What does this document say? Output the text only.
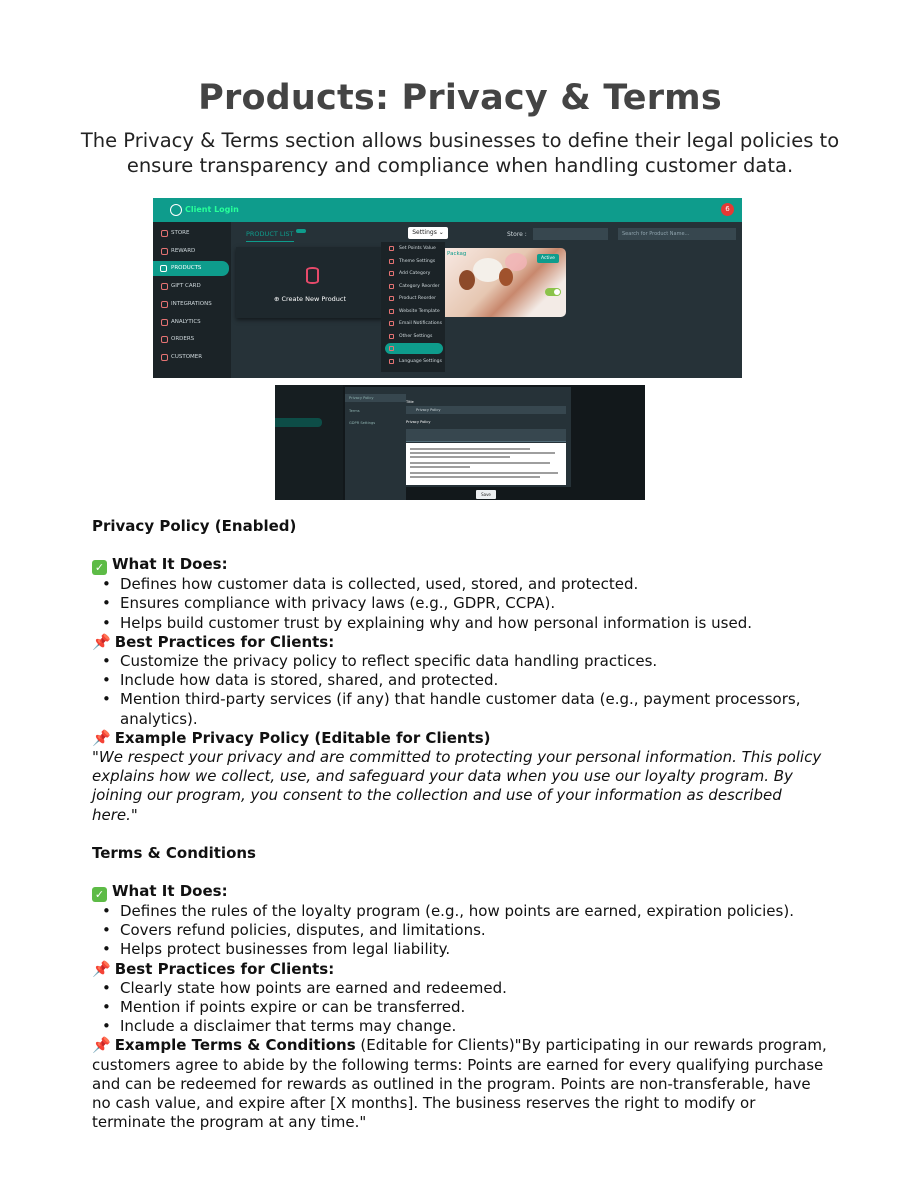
Products: Privacy & Terms
The Privacy & Terms section allows businesses to define their legal policies to ensure transparency and compliance when handling customer data.
Client Login	6
STORE
REWARD
PRODUCTS
GIFT CARD
INTEGRATIONS
ANALYTICS
ORDERS
CUSTOMER
PRODUCT LIST	Settings ⌄	Store :	Search for Product Name...
⊕ Create New Product
Packag
Active
Set Points Value
Theme Settings
Add Category
Category Reorder
Product Reorder
Website Template
Email Notifications
Other Settings
Privacy & Terms
Language Settings
Privacy Policy
Terms
GDPR Settings
Title
Privacy Policy
Privacy Policy
Save
Privacy Policy (Enabled)
✓ What It Does:
• Defines how customer data is collected, used, stored, and protected.
• Ensures compliance with privacy laws (e.g., GDPR, CCPA).
• Helps build customer trust by explaining why and how personal information is used.
📌 Best Practices for Clients:
• Customize the privacy policy to reflect specific data handling practices.
• Include how data is stored, shared, and protected.
• Mention third-party services (if any) that handle customer data (e.g., payment processors, analytics).
📌 Example Privacy Policy (Editable for Clients)
"We respect your privacy and are committed to protecting your personal information. This policy explains how we collect, use, and safeguard your data when you use our loyalty program. By joining our program, you consent to the collection and use of your information as described here."
Terms & Conditions
✓ What It Does:
• Defines the rules of the loyalty program (e.g., how points are earned, expiration policies).
• Covers refund policies, disputes, and limitations.
• Helps protect businesses from legal liability.
📌 Best Practices for Clients:
• Clearly state how points are earned and redeemed.
• Mention if points expire or can be transferred.
• Include a disclaimer that terms may change.
📌 Example Terms & Conditions (Editable for Clients)"By participating in our rewards program, customers agree to abide by the following terms: Points are earned for every qualifying purchase and can be redeemed for rewards as outlined in the program. Points are non-transferable, have no cash value, and expire after [X months]. The business reserves the right to modify or terminate the program at any time."
